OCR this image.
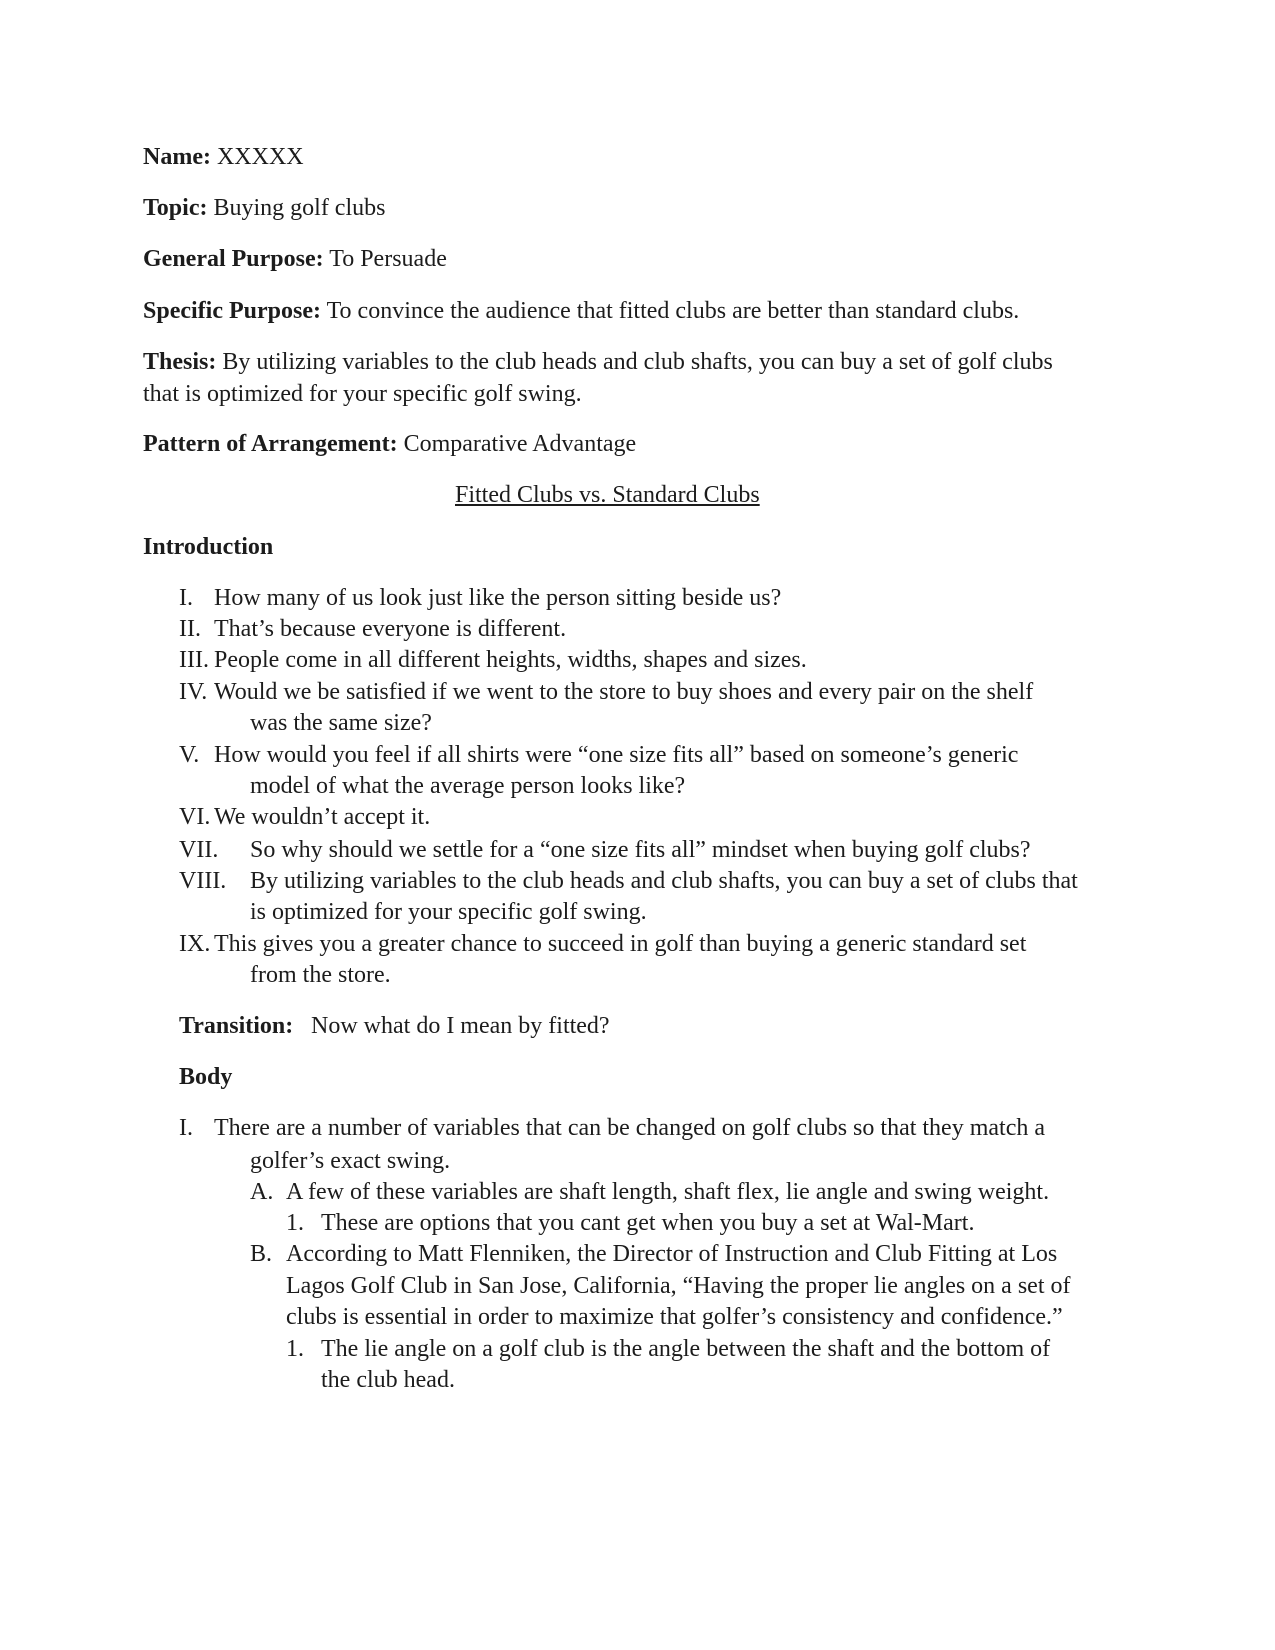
Name: XXXXX
Topic: Buying golf clubs
General Purpose: To Persuade
Specific Purpose: To convince the audience that fitted clubs are better than standard clubs.
Thesis: By utilizing variables to the club heads and club shafts, you can buy a set of golf clubs
that is optimized for your specific golf swing.
Pattern of Arrangement: Comparative Advantage
Fitted Clubs vs. Standard Clubs
Introduction
I. How many of us look just like the person sitting beside us?
II. That’s because everyone is different.
III. People come in all different heights, widths, shapes and sizes.
IV. Would we be satisfied if we went to the store to buy shoes and every pair on the shelf
was the same size?
V. How would you feel if all shirts were “one size fits all” based on someone’s generic
model of what the average person looks like?
VI. We wouldn’t accept it.
VII. So why should we settle for a “one size fits all” mindset when buying golf clubs?
VIII. By utilizing variables to the club heads and club shafts, you can buy a set of clubs that
is optimized for your specific golf swing.
IX. This gives you a greater chance to succeed in golf than buying a generic standard set
from the store.
Transition: Now what do I mean by fitted?
Body
I. There are a number of variables that can be changed on golf clubs so that they match a
golfer’s exact swing.
A. A few of these variables are shaft length, shaft flex, lie angle and swing weight.
1. These are options that you cant get when you buy a set at Wal-Mart.
B. According to Matt Flenniken, the Director of Instruction and Club Fitting at Los
Lagos Golf Club in San Jose, California, “Having the proper lie angles on a set of
clubs is essential in order to maximize that golfer’s consistency and confidence.”
1. The lie angle on a golf club is the angle between the shaft and the bottom of
the club head.
